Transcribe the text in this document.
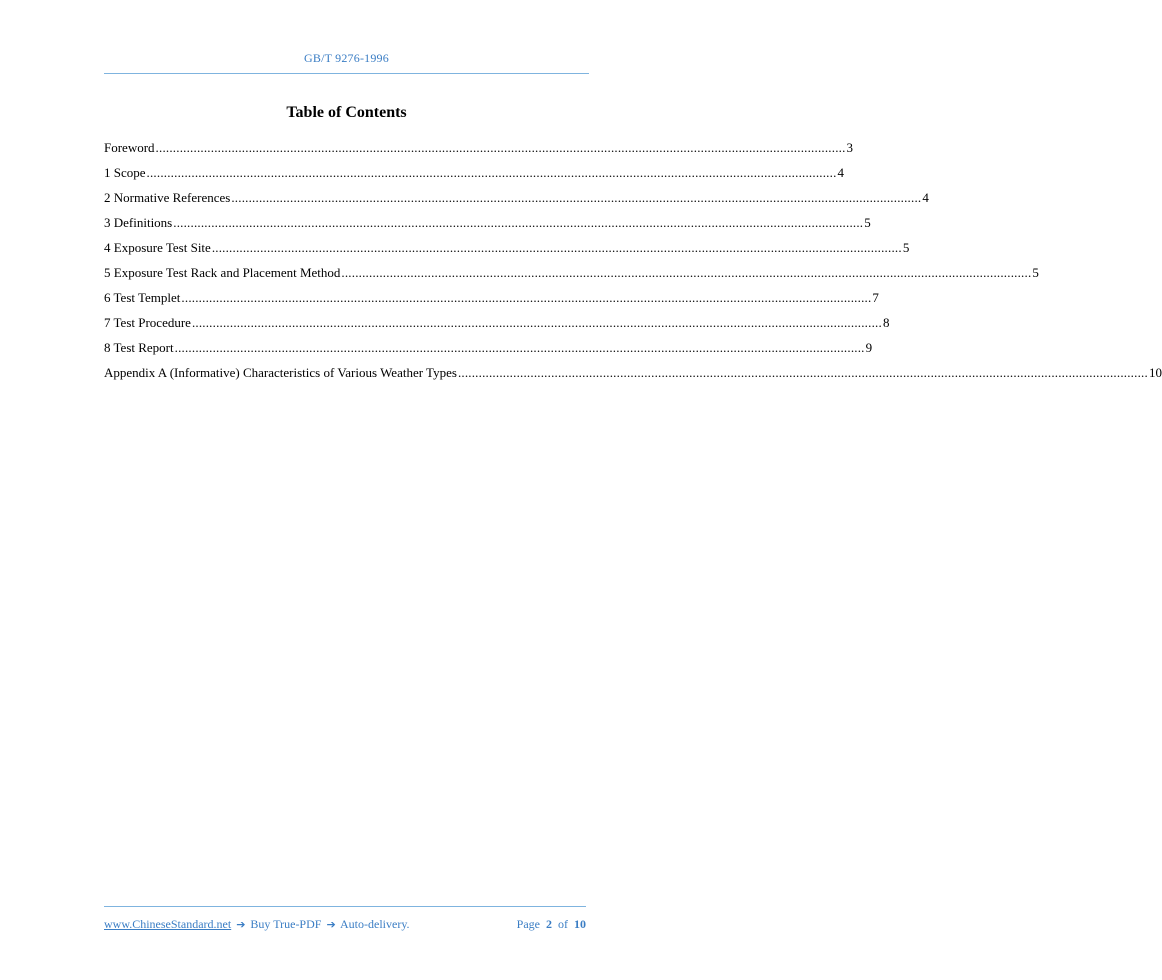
GB/T 9276-1996
Table of Contents
Foreword ........................................................................................................................................................................................................ 3
1 Scope ........................................................................................................................................................................................................ 4
2 Normative References ........................................................................................................................................................................................................ 4
3 Definitions ........................................................................................................................................................................................................ 5
4 Exposure Test Site ........................................................................................................................................................................................................ 5
5 Exposure Test Rack and Placement Method ........................................................................................................................................................................................................ 5
6 Test Templet ........................................................................................................................................................................................................ 7
7 Test Procedure ........................................................................................................................................................................................................ 8
8 Test Report ........................................................................................................................................................................................................ 9
Appendix A (Informative) Characteristics of Various Weather Types ........................................................................................................................................................................................................ 10
www.ChineseStandard.net ➔ Buy True-PDF ➔ Auto-delivery.	Page 2 of 10
